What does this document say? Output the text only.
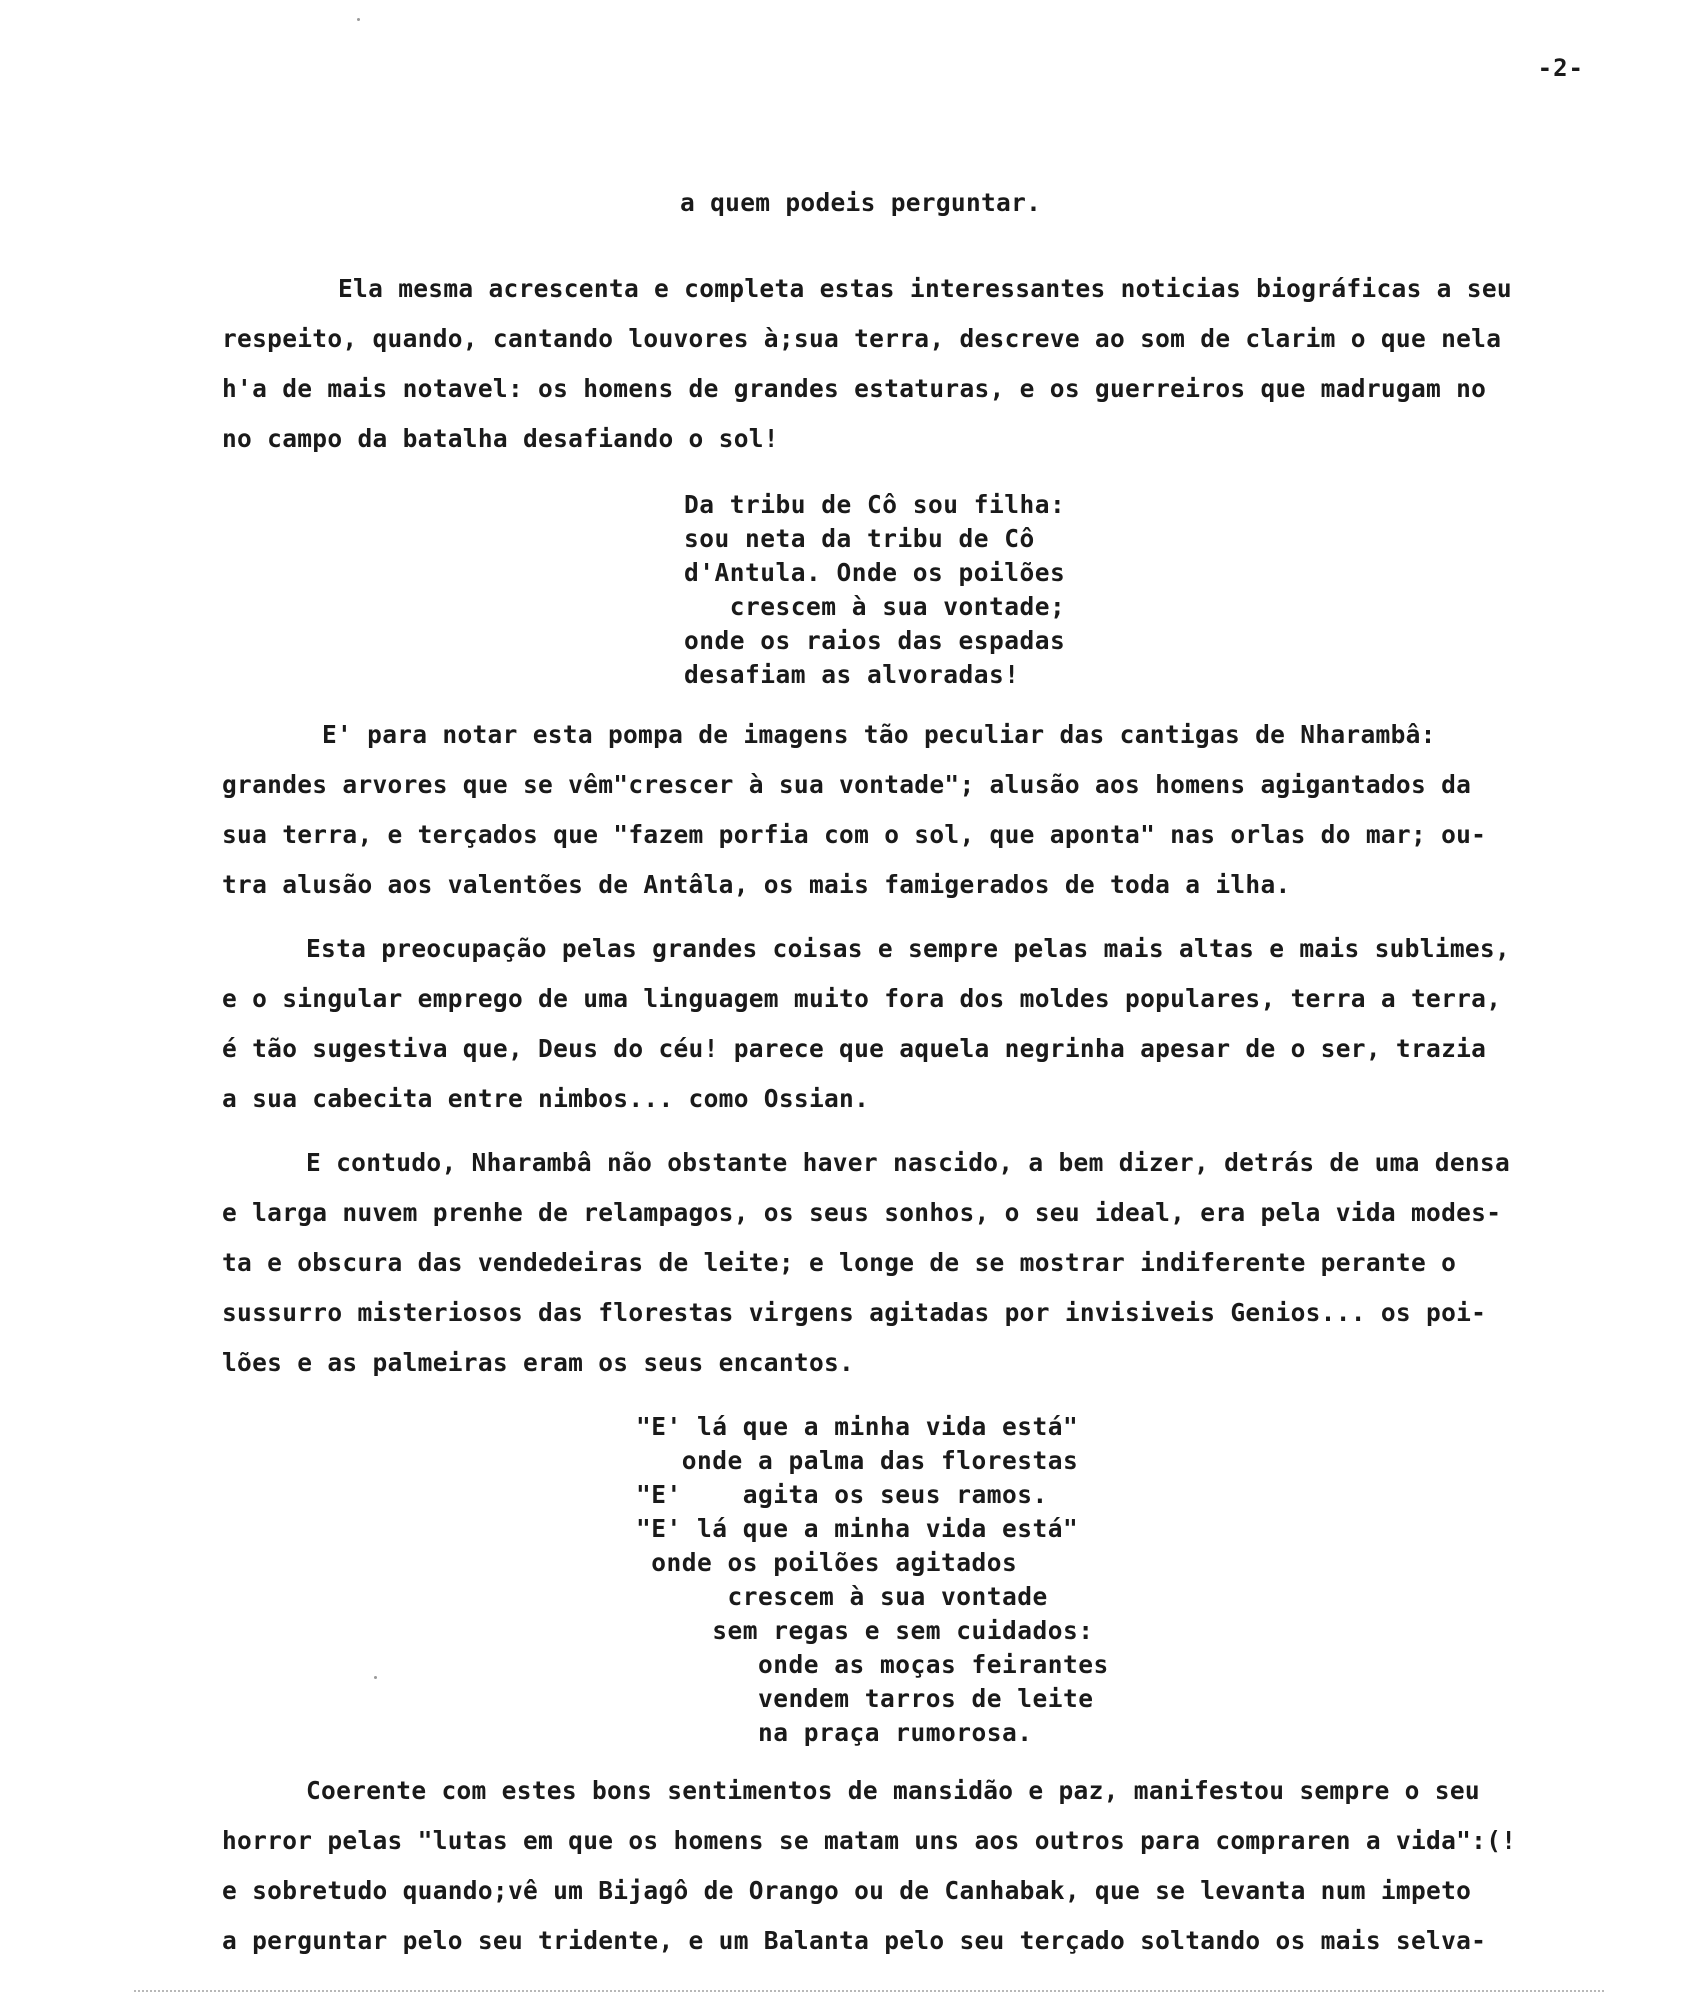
-2-
a quem podeis perguntar.
Ela mesma acrescenta e completa estas interessantes noticias biográficas a seu
respeito, quando, cantando louvores à;sua terra, descreve ao som de clarim o que nela
h'a de mais notavel: os homens de grandes estaturas, e os guerreiros que madrugam no
no campo da batalha desafiando o sol!
Da tribu de Cô sou filha:
sou neta da tribu de Cô
d'Antula. Onde os poilões
crescem à sua vontade;
onde os raios das espadas
desafiam as alvoradas!
E' para notar esta pompa de imagens tão peculiar das cantigas de Nharambâ:
grandes arvores que se vêm"crescer à sua vontade"; alusão aos homens agigantados da
sua terra, e terçados que "fazem porfia com o sol, que aponta" nas orlas do mar; ou-
tra alusão aos valentões de Antâla, os mais famigerados de toda a ilha.
Esta preocupação pelas grandes coisas e sempre pelas mais altas e mais sublimes,
e o singular emprego de uma linguagem muito fora dos moldes populares, terra a terra,
é tão sugestiva que, Deus do céu! parece que aquela negrinha apesar de o ser, trazia
a sua cabecita entre nimbos... como Ossian.
E contudo, Nharambâ não obstante haver nascido, a bem dizer, detrás de uma densa
e larga nuvem prenhe de relampagos, os seus sonhos, o seu ideal, era pela vida modes-
ta e obscura das vendedeiras de leite; e longe de se mostrar indiferente perante o
sussurro misteriosos das florestas virgens agitadas por invisiveis Genios... os poi-
lões e as palmeiras eram os seus encantos.
"E' lá que a minha vida está"
onde a palma das florestas
"E'    agita os seus ramos.
"E' lá que a minha vida está"
onde os poilões agitados
crescem à sua vontade
sem regas e sem cuidados:
onde as moças feirantes
vendem tarros de leite
na praça rumorosa.
Coerente com estes bons sentimentos de mansidão e paz, manifestou sempre o seu
horror pelas "lutas em que os homens se matam uns aos outros para compraren a vida":(!
e sobretudo quando;vê um Bijagô de Orango ou de Canhabak, que se levanta num impeto
a perguntar pelo seu tridente, e um Balanta pelo seu terçado soltando os mais selva-
